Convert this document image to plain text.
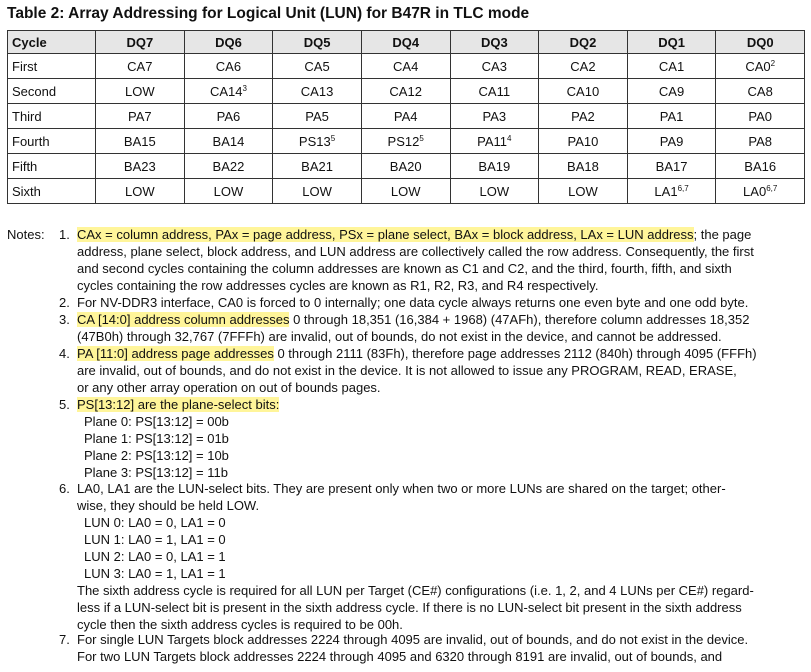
Table 2: Array Addressing for Logical Unit (LUN) for B47R in TLC mode
Cycle	DQ7	DQ6	DQ5	DQ4	DQ3	DQ2	DQ1	DQ0
First	CA7	CA6	CA5	CA4	CA3	CA2	CA1	$CA0^2$
Second	LOW	$CA14^3$	CA13	CA12	CA11	CA10	CA9	CA8
Third	PA7	PA6	PA5	PA4	PA3	PA2	PA1	PA0
Fourth	BA15	BA14	$PS13^5$	$PS12^5$	$PA11^4$	PA10	PA9	PA8
Fifth	BA23	BA22	BA21	BA20	BA19	BA18	BA17	BA16
Sixth	LOW	LOW	LOW	LOW	LOW	LOW	LA1$^{6,7}$	LA0$^{6,7}$
Notes: 1. CAx = column address, PAx = page address, PSx = plane select, BAx = block address, LAx = LUN address; the page
address, plane select, block address, and LUN address are collectively called the row address. Consequently, the first
and second cycles containing the column addresses are known as C1 and C2, and the third, fourth, fifth, and sixth
cycles containing the row addresses cycles are known as R1, R2, R3, and R4 respectively.
2. For NV-DDR3 interface, CA0 is forced to 0 internally; one data cycle always returns one even byte and one odd byte.
3. CA [14:0] address column addresses 0 through 18,351 (16,384 + 1968) (47AFh), therefore column addresses 18,352
(47B0h) through 32,767 (7FFFh) are invalid, out of bounds, do not exist in the device, and cannot be addressed.
4. PA [11:0] address page addresses 0 through 2111 (83Fh), therefore page addresses 2112 (840h) through 4095 (FFFh)
are invalid, out of bounds, and do not exist in the device. It is not allowed to issue any PROGRAM, READ, ERASE,
or any other array operation on out of bounds pages.
5. PS[13:12] are the plane-select bits:
Plane 0: PS[13:12] = 00b
Plane 1: PS[13:12] = 01b
Plane 2: PS[13:12] = 10b
Plane 3: PS[13:12] = 11b
6. LA0, LA1 are the LUN-select bits. They are present only when two or more LUNs are shared on the target; other-
wise, they should be held LOW.
LUN 0: LA0 = 0, LA1 = 0
LUN 1: LA0 = 1, LA1 = 0
LUN 2: LA0 = 0, LA1 = 1
LUN 3: LA0 = 1, LA1 = 1
The sixth address cycle is required for all LUN per Target (CE#) configurations (i.e. 1, 2, and 4 LUNs per CE#) regard-
less if a LUN-select bit is present in the sixth address cycle. If there is no LUN-select bit present in the sixth address
cycle then the sixth address cycles is required to be 00h.
7. For single LUN Targets block addresses 2224 through 4095 are invalid, out of bounds, and do not exist in the device.
For two LUN Targets block addresses 2224 through 4095 and 6320 through 8191 are invalid, out of bounds, and
